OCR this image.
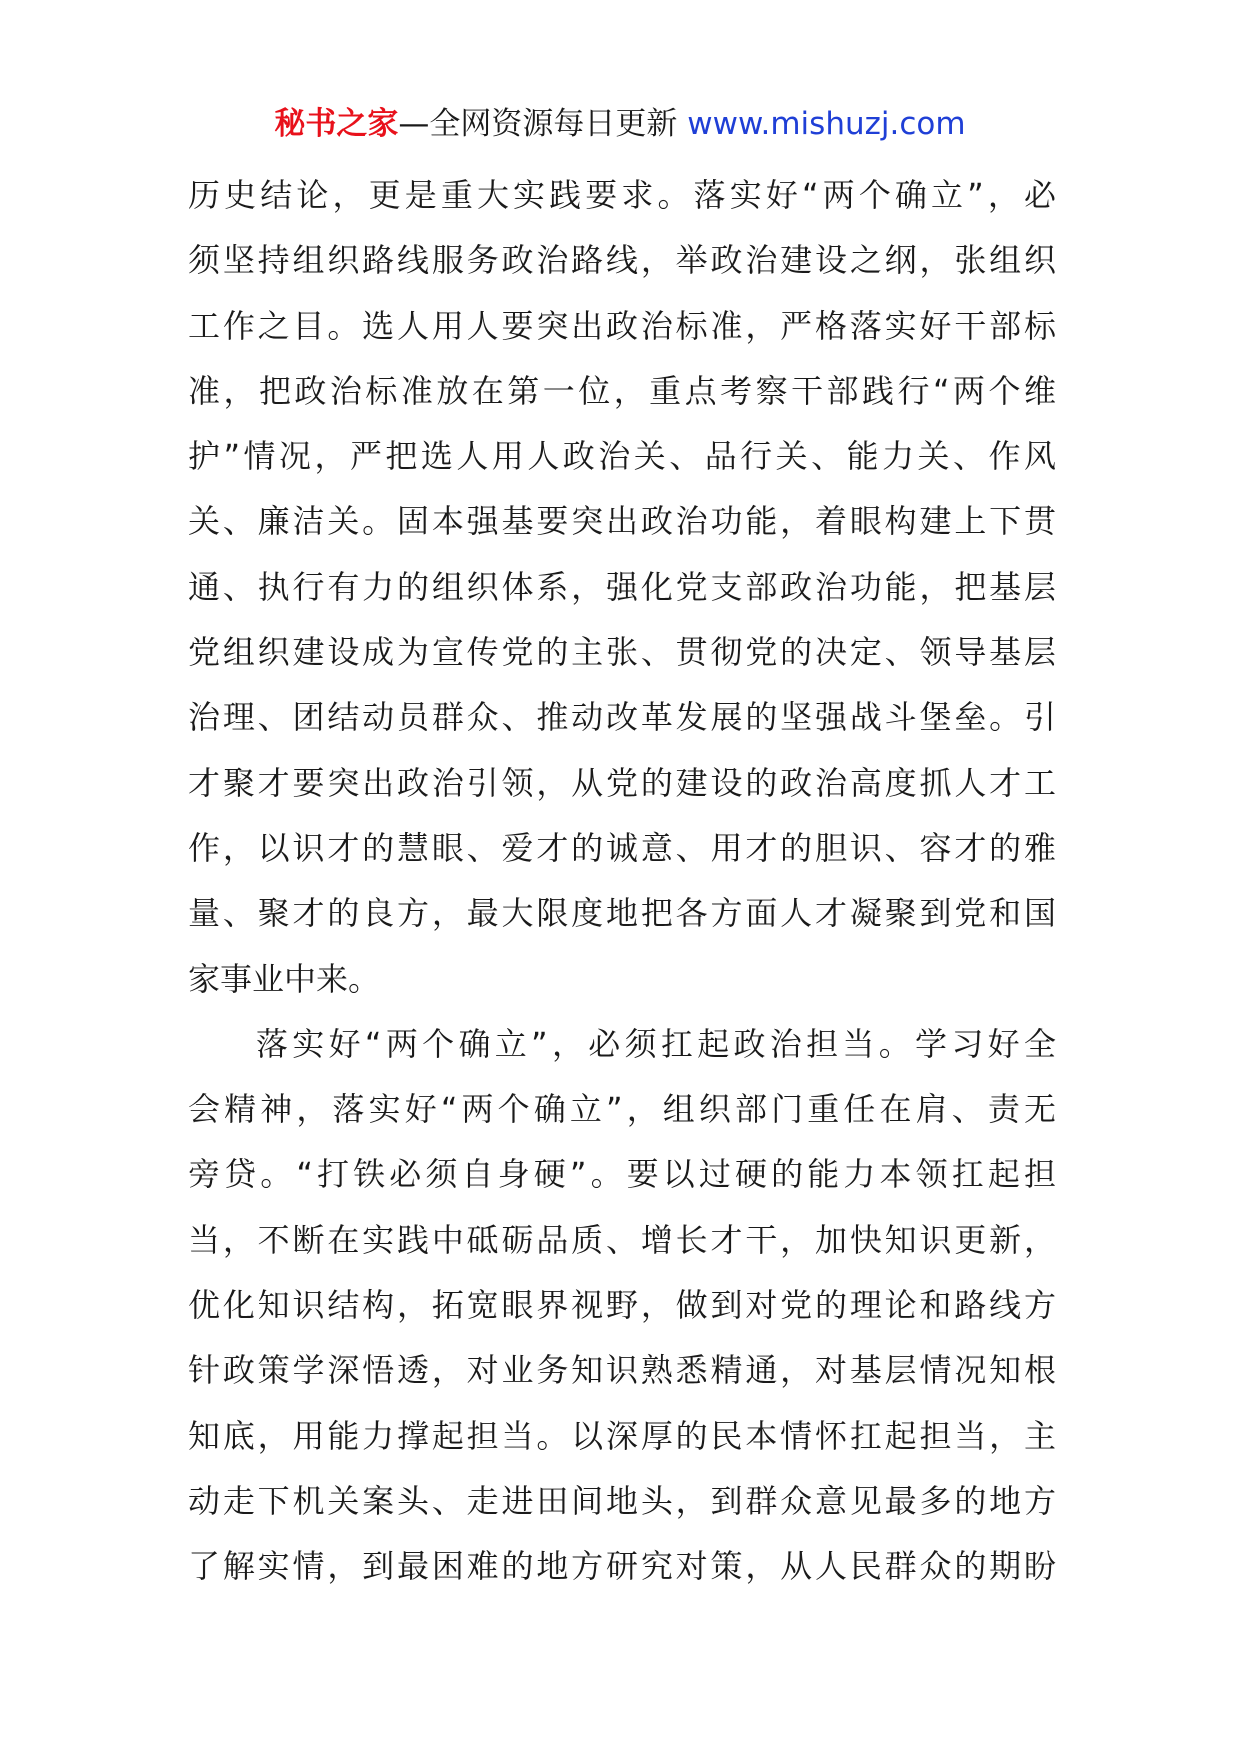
秘书之家—全网资源每日更新 www.mishuzj.com
历史结论，更是重大实践要求。落实好“两个确立”，必
须坚持组织路线服务政治路线，举政治建设之纲，张组织
工作之目。选人用人要突出政治标准，严格落实好干部标
准，把政治标准放在第一位，重点考察干部践行“两个维
护”情况，严把选人用人政治关、品行关、能力关、作风
关、廉洁关。固本强基要突出政治功能，着眼构建上下贯
通、执行有力的组织体系，强化党支部政治功能，把基层
党组织建设成为宣传党的主张、贯彻党的决定、领导基层
治理、团结动员群众、推动改革发展的坚强战斗堡垒。引
才聚才要突出政治引领，从党的建设的政治高度抓人才工
作，以识才的慧眼、爱才的诚意、用才的胆识、容才的雅
量、聚才的良方，最大限度地把各方面人才凝聚到党和国
家事业中来。
落实好“两个确立”，必须扛起政治担当。学习好全
会精神，落实好“两个确立”，组织部门重任在肩、责无
旁贷。“打铁必须自身硬”。要以过硬的能力本领扛起担
当，不断在实践中砥砺品质、增长才干，加快知识更新，
优化知识结构，拓宽眼界视野，做到对党的理论和路线方
针政策学深悟透，对业务知识熟悉精通，对基层情况知根
知底，用能力撑起担当。以深厚的民本情怀扛起担当，主
动走下机关案头、走进田间地头，到群众意见最多的地方
了解实情，到最困难的地方研究对策，从人民群众的期盼
